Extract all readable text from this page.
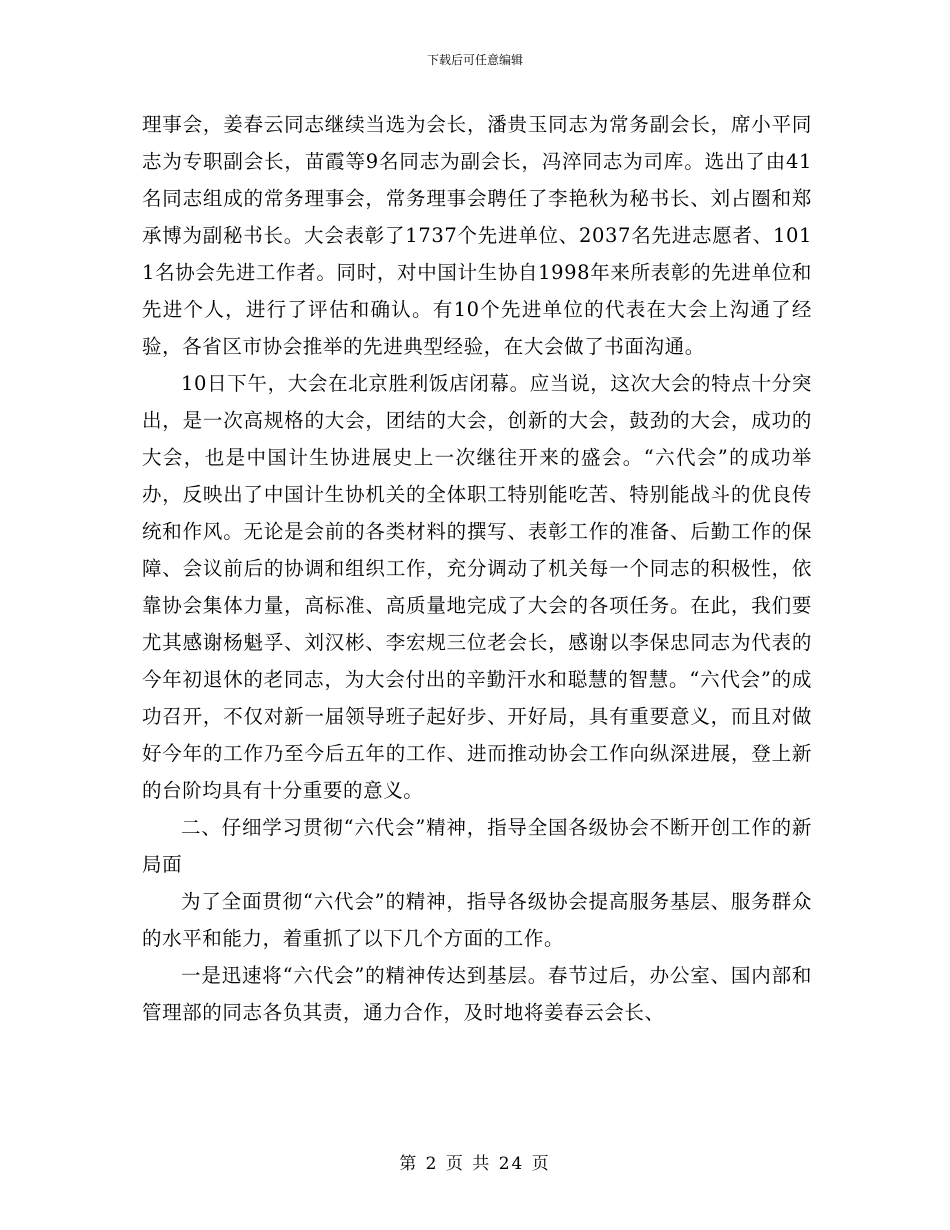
下载后可任意编辑

理事会，姜春云同志继续当选为会长，潘贵玉同志为常务副会长，席小平同志为专职副会长，苗霞等9名同志为副会长，冯淬同志为司库。选出了由41名同志组成的常务理事会，常务理事会聘任了李艳秋为秘书长、刘占圈和郑承博为副秘书长。大会表彰了1737个先进单位、2037名先进志愿者、1011名协会先进工作者。同时，对中国计生协自1998年来所表彰的先进单位和先进个人，进行了评估和确认。有10个先进单位的代表在大会上沟通了经验，各省区市协会推举的先进典型经验，在大会做了书面沟通。

10日下午，大会在北京胜利饭店闭幕。应当说，这次大会的特点十分突出，是一次高规格的大会，团结的大会，创新的大会，鼓劲的大会，成功的大会，也是中国计生协进展史上一次继往开来的盛会。“六代会”的成功举办，反映出了中国计生协机关的全体职工特别能吃苦、特别能战斗的优良传统和作风。无论是会前的各类材料的撰写、表彰工作的准备、后勤工作的保障、会议前后的协调和组织工作，充分调动了机关每一个同志的积极性，依靠协会集体力量，高标准、高质量地完成了大会的各项任务。在此，我们要尤其感谢杨魁孚、刘汉彬、李宏规三位老会长，感谢以李保忠同志为代表的今年初退休的老同志，为大会付出的辛勤汗水和聪慧的智慧。“六代会”的成功召开，不仅对新一届领导班子起好步、开好局，具有重要意义，而且对做好今年的工作乃至今后五年的工作、进而推动协会工作向纵深进展，登上新的台阶均具有十分重要的意义。

二、仔细学习贯彻“六代会”精神，指导全国各级协会不断开创工作的新局面

为了全面贯彻“六代会”的精神，指导各级协会提高服务基层、服务群众的水平和能力，着重抓了以下几个方面的工作。

一是迅速将“六代会”的精神传达到基层。春节过后，办公室、国内部和管理部的同志各负其责，通力合作，及时地将姜春云会长、

第 2 页 共 24 页
